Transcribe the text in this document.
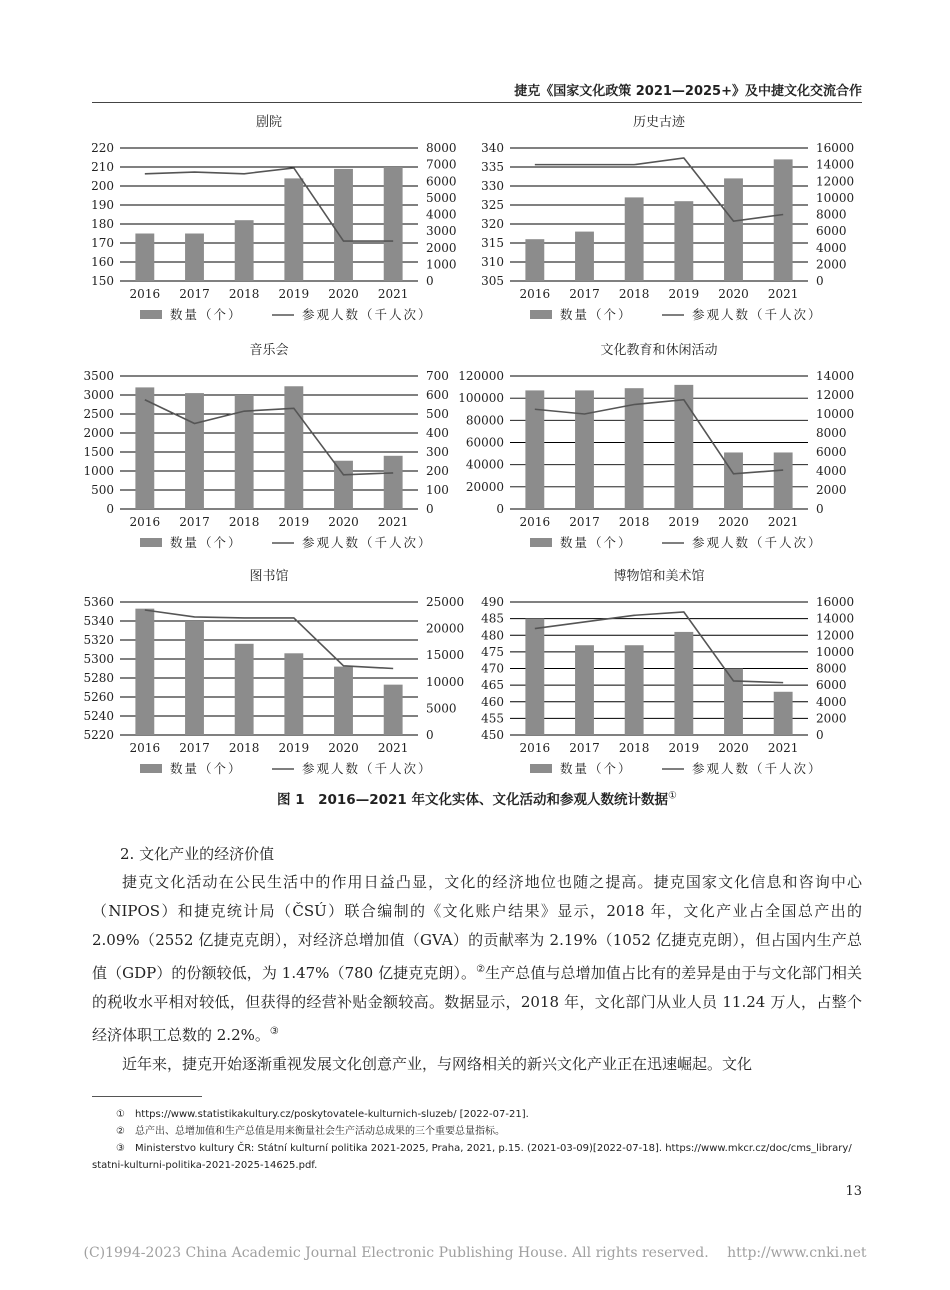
捷克《国家文化政策 2021—2025+》及中捷文化交流合作
剧院
150
160
170
180
190
200
210
220
0
1000
2000
3000
4000
5000
6000
7000
8000
2016 2017 2018 2019 2020 2021
数量（个）	参观人数（千人次）
历史古迹
305
310
315
320
325
330
335
340
0
2000
4000
6000
8000
10000
12000
14000
16000
2016 2017 2018 2019 2020 2021
数量（个）	参观人数（千人次）
音乐会
0
500
1000
1500
2000
2500
3000
3500
0
100
200
300
400
500
600
700
2016 2017 2018 2019 2020 2021
数量（个）	参观人数（千人次）
文化教育和休闲活动
0
20000
40000
60000
80000
100000
120000
0
2000
4000
6000
8000
10000
12000
14000
2016 2017 2018 2019 2020 2021
数量（个）	参观人数（千人次）
图书馆
5220
5240
5260
5280
5300
5320
5340
5360
0
5000
10000
15000
20000
25000
2016 2017 2018 2019 2020 2021
数量（个）	参观人数（千人次）
博物馆和美术馆
450
455
460
465
470
475
480
485
490
0
2000
4000
6000
8000
10000
12000
14000
16000
2016 2017 2018 2019 2020 2021
数量（个）	参观人数（千人次）
图 1　 2016—2021 年文化实体、文化活动和参观人数统计数据①
2. 文化产业的经济价值

捷克文化活动在公民生活中的作用日益凸显，文化的经济地位也随之提高。捷克国家文化信息和咨询中心（NIPOS）和捷克统计局（ČSÚ）联合编制的《文化账户结果》显示，2018 年，文化产业占全国总产出的 2.09%（2552 亿捷克克朗），对经济总增加值（GVA）的贡献率为 2.19%（1052 亿捷克克朗），但占国内生产总值（GDP）的份额较低，为 1.47%（780 亿捷克克朗）。②生产总值与总增加值占比有的差异是由于与文化部门相关的税收水平相对较低，但获得的经营补贴金额较高。数据显示，2018 年，文化部门从业人员 11.24 万人，占整个经济体职工总数的 2.2%。③

近年来，捷克开始逐渐重视发展文化创意产业，与网络相关的新兴文化产业正在迅速崛起。文化

①　https://www.statistikakultury.cz/poskytovatele-kulturnich-sluzeb/ [2022-07-21].
②　总产出、总增加值和生产总值是用来衡量社会生产活动总成果的三个重要总量指标。
③　Ministerstvo kultury ČR: Státní kulturní politika 2021-2025, Praha, 2021, p.15. (2021-03-09)[2022-07-18]. https://www.mkcr.cz/doc/cms_library/
statni-kulturni-politika-2021-2025-14625.pdf.
13
(C)1994-2023 China Academic Journal Electronic Publishing House. All rights reserved.　 http://www.cnki.net
